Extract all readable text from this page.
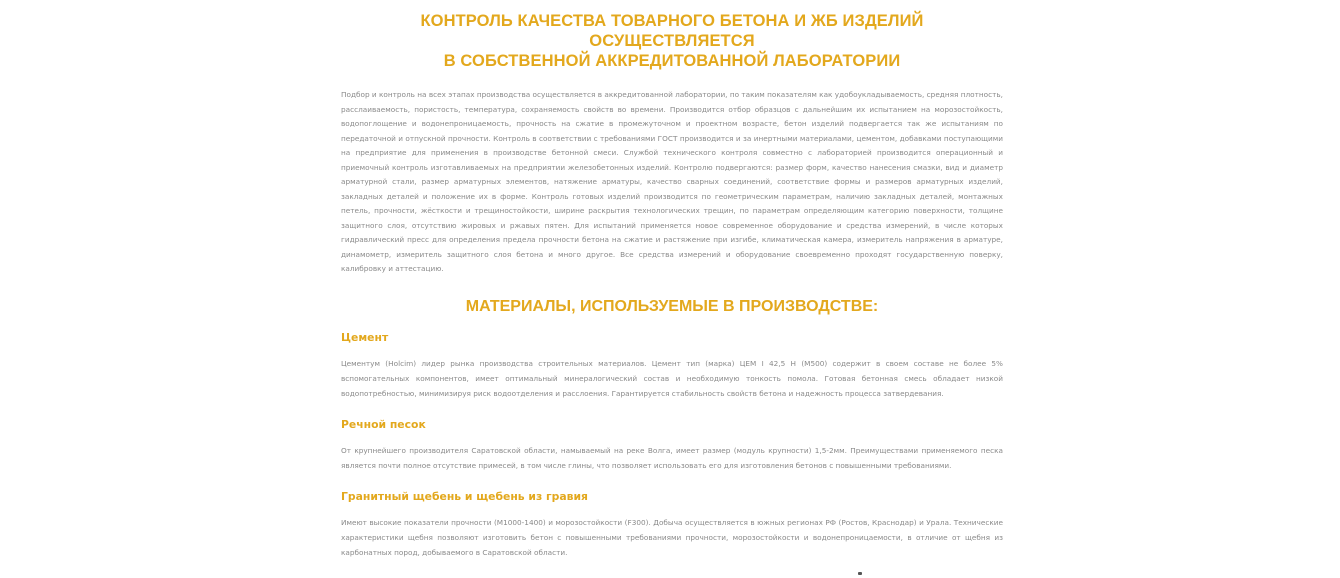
КОНТРОЛЬ КАЧЕСТВА ТОВАРНОГО БЕТОНА И ЖБ ИЗДЕЛИЙ ОСУЩЕСТВЛЯЕТСЯ
В СОБСТВЕННОЙ АККРЕДИТОВАННОЙ ЛАБОРАТОРИИ

Подбор и контроль на всех этапах производства осуществляется в аккредитованной лаборатории, по таким показателям как удобоукладываемость, средняя плотность, расслаиваемость, пористость, температура, сохраняемость свойств во времени. Производится отбор образцов с дальнейшим их испытанием на морозостойкость, водопоглощение и водонепроницаемость, прочность на сжатие в промежуточном и проектном возрасте, бетон изделий подвергается так же испытаниям по передаточной и отпускной прочности. Контроль в соответствии с требованиями ГОСТ производится и за инертными материалами, цементом, добавками поступающими на предприятие для применения в производстве бетонной смеси. Службой технического контроля совместно с лабораторией производится операционный и приемочный контроль изготавливаемых на предприятии железобетонных изделий. Контролю подвергаются: размер форм, качество нанесения смазки, вид и диаметр арматурной стали, размер арматурных элементов, натяжение арматуры, качество сварных соединений, соответствие формы и размеров арматурных изделий, закладных деталей и положение их в форме. Контроль готовых изделий производится по геометрическим параметрам, наличию закладных деталей, монтажных петель, прочности, жёсткости и трещиностойкости, ширине раскрытия технологических трещин, по параметрам определяющим категорию поверхности, толщине защитного слоя, отсутствию жировых и ржавых пятен. Для испытаний применяется новое современное оборудование и средства измерений, в числе которых гидравлический пресс для определения предела прочности бетона на сжатие и растяжение при изгибе, климатическая камера, измеритель напряжения в арматуре, динамометр, измеритель защитного слоя бетона и много другое. Все средства измерений и оборудование своевременно проходят государственную поверку, калибровку и аттестацию.

МАТЕРИАЛЫ, ИСПОЛЬЗУЕМЫЕ В ПРОИЗВОДСТВЕ:
Цемент

Цементум (Holcim) лидер рынка производства строительных материалов. Цемент тип (марка) ЦЕМ I 42,5 Н (М500) содержит в своем составе не более 5% вспомогательных компонентов, имеет оптимальный минералогический состав и необходимую тонкость помола. Готовая бетонная смесь обладает низкой водопотребностью, минимизируя риск водоотделения и расслоения. Гарантируется стабильность свойств бетона и надежность процесса затвердевания.

Речной песок

От крупнейшего производителя Саратовской области, намываемый на реке Волга, имеет размер (модуль крупности) 1,5-2мм. Преимуществами применяемого песка является почти полное отсутствие примесей, в том числе глины, что позволяет использовать его для изготовления бетонов с повышенными требованиями.

Гранитный щебень и щебень из гравия

Имеют высокие показатели прочности (М1000-1400) и морозостойкости (F300). Добыча осуществляется в южных регионах РФ (Ростов, Краснодар) и Урала. Технические характеристики щебня позволяют изготовить бетон с повышенными требованиями прочности, морозостойкости и водонепроницаемости, в отличие от щебня из карбонатных пород, добываемого в Саратовской области.
